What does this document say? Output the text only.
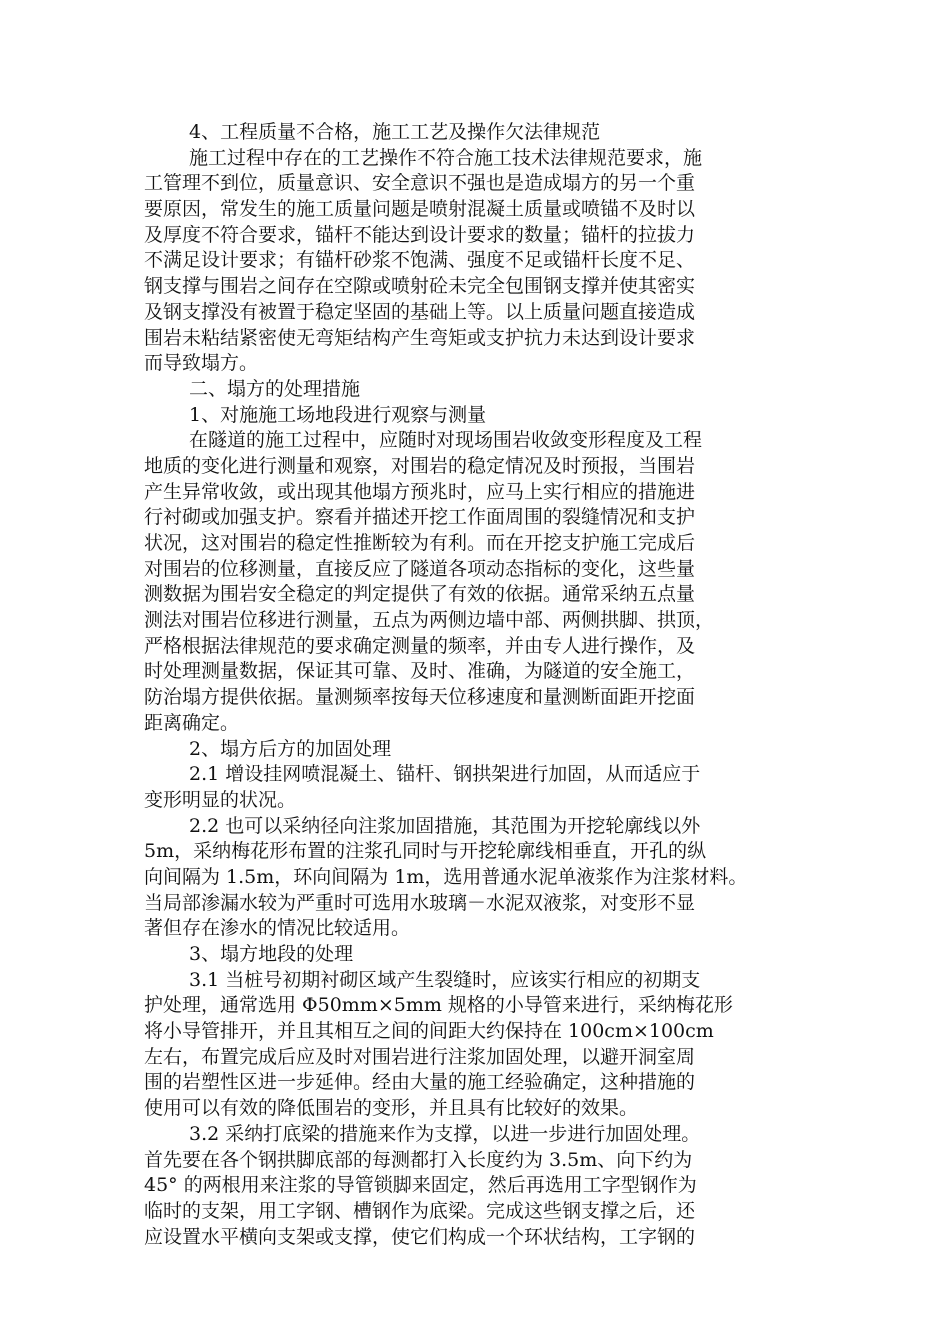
4、工程质量不合格，施工工艺及操作欠法律规范
施工过程中存在的工艺操作不符合施工技术法律规范要求，施
工管理不到位，质量意识、安全意识不强也是造成塌方的另一个重
要原因，常发生的施工质量问题是喷射混凝土质量或喷锚不及时以
及厚度不符合要求，锚杆不能达到设计要求的数量；锚杆的拉拔力
不满足设计要求；有锚杆砂浆不饱满、强度不足或锚杆长度不足、
钢支撑与围岩之间存在空隙或喷射砼未完全包围钢支撑并使其密实
及钢支撑没有被置于稳定坚固的基础上等。以上质量问题直接造成
围岩未粘结紧密使无弯矩结构产生弯矩或支护抗力未达到设计要求
而导致塌方。
二、塌方的处理措施
1、对施施工场地段进行观察与测量
在隧道的施工过程中，应随时对现场围岩收敛变形程度及工程
地质的变化进行测量和观察，对围岩的稳定情况及时预报，当围岩
产生异常收敛，或出现其他塌方预兆时，应马上实行相应的措施进
行衬砌或加强支护。察看并描述开挖工作面周围的裂缝情况和支护
状况，这对围岩的稳定性推断较为有利。而在开挖支护施工完成后
对围岩的位移测量，直接反应了隧道各项动态指标的变化，这些量
测数据为围岩安全稳定的判定提供了有效的依据。通常采纳五点量
测法对围岩位移进行测量，五点为两侧边墙中部、两侧拱脚、拱顶，
严格根据法律规范的要求确定测量的频率，并由专人进行操作，及
时处理测量数据，保证其可靠、及时、准确，为隧道的安全施工，
防治塌方提供依据。量测频率按每天位移速度和量测断面距开挖面
距离确定。
2、塌方后方的加固处理
2.1 增设挂网喷混凝土、锚杆、钢拱架进行加固，从而适应于
变形明显的状况。
2.2 也可以采纳径向注浆加固措施，其范围为开挖轮廓线以外
5m，采纳梅花形布置的注浆孔同时与开挖轮廓线相垂直，开孔的纵
向间隔为 1.5m，环向间隔为 1m，选用普通水泥单液浆作为注浆材料。
当局部渗漏水较为严重时可选用水玻璃－水泥双液浆，对变形不显
著但存在渗水的情况比较适用。
3、塌方地段的处理
3.1 当桩号初期衬砌区域产生裂缝时，应该实行相应的初期支
护处理，通常选用 Φ50mm×5mm 规格的小导管来进行，采纳梅花形
将小导管排开，并且其相互之间的间距大约保持在 100cm×100cm
左右，布置完成后应及时对围岩进行注浆加固处理，以避开洞室周
围的岩塑性区进一步延伸。经由大量的施工经验确定，这种措施的
使用可以有效的降低围岩的变形，并且具有比较好的效果。
3.2 采纳打底梁的措施来作为支撑，以进一步进行加固处理。
首先要在各个钢拱脚底部的每测都打入长度约为 3.5m、向下约为
45° 的两根用来注浆的导管锁脚来固定，然后再选用工字型钢作为
临时的支架，用工字钢、槽钢作为底梁。完成这些钢支撑之后，还
应设置水平横向支架或支撑，使它们构成一个环状结构，工字钢的
